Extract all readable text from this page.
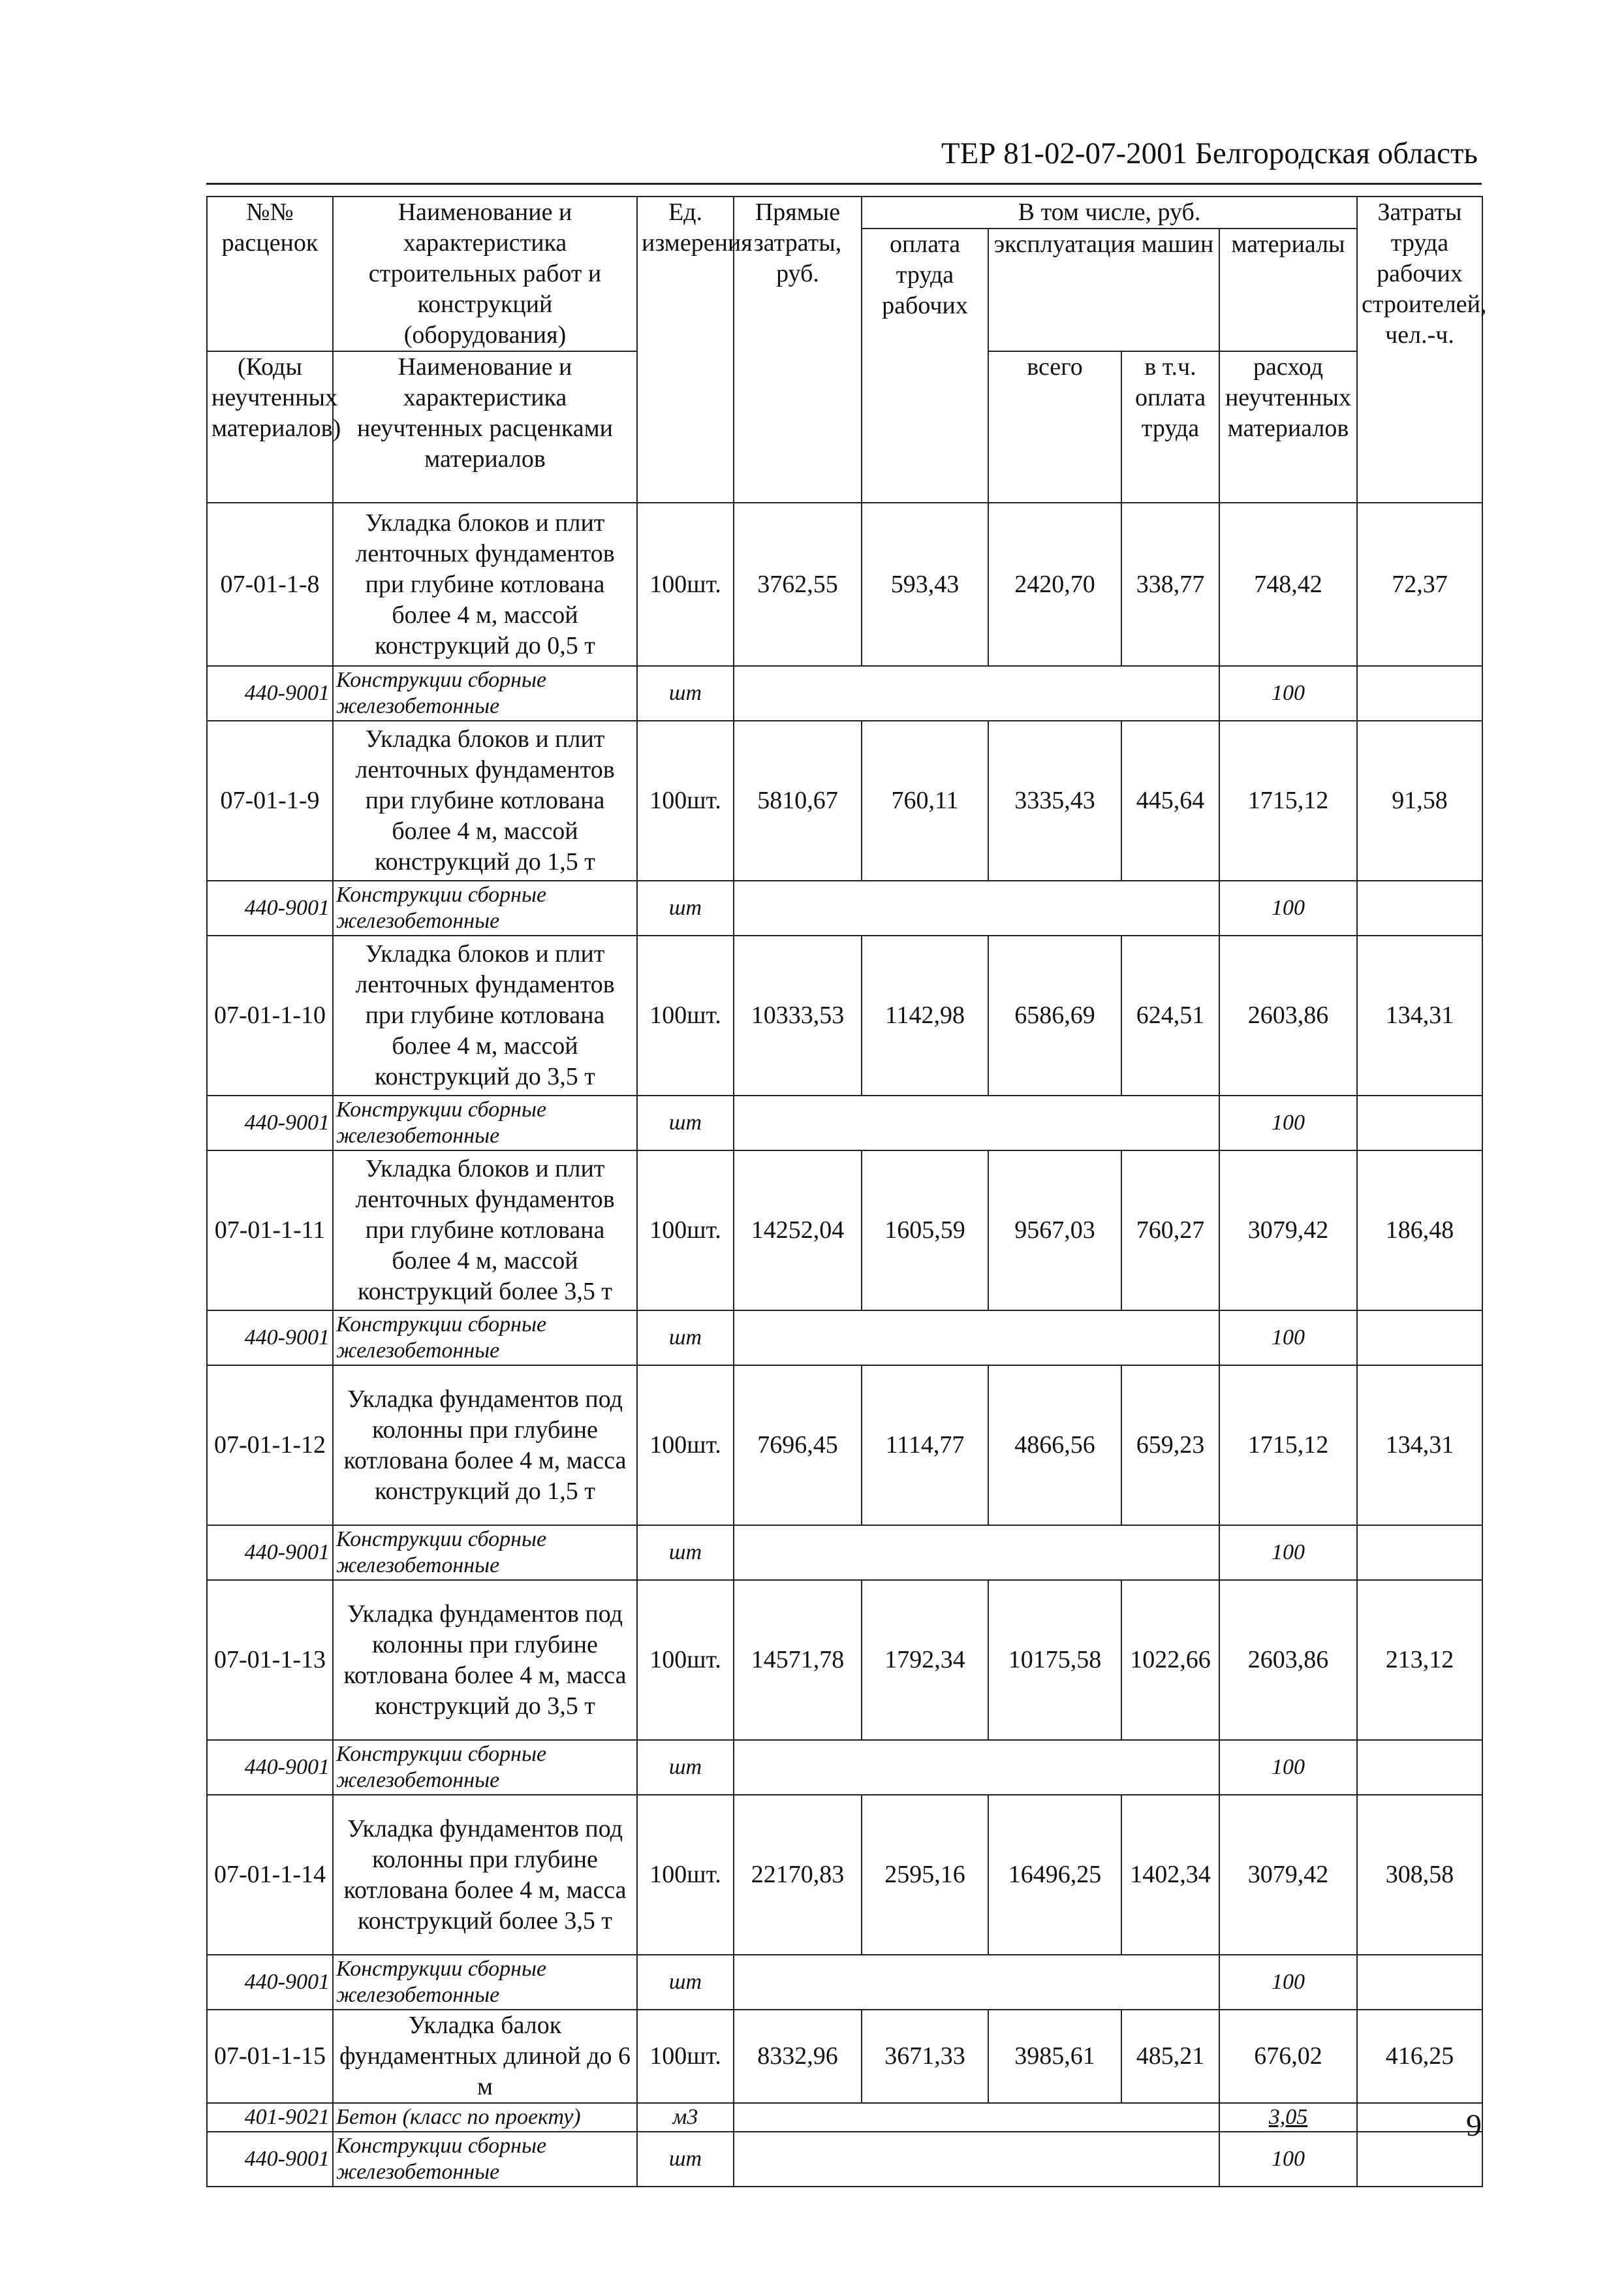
ТЕР 81-02-07-2001 Белгородская область
№№ расценок	Наименование и характеристика строительных работ и конструкций (оборудования)	Ед. измерения	Прямые затраты, руб.	В том числе, руб.				Затраты труда рабочих строителей, чел.-ч.
				оплата труда рабочих	эксплуатация машин		материалы	
(Коды неучтенных материалов)	Наименование и характеристика неучтенных расценками материалов				всего	в т.ч. оплата труда	расход неучтенных материалов	
07-01-1-8	Укладка блоков и плит ленточных фундаментов при глубине котлована более 4 м, массой конструкций до 0,5 т	100шт.	3762,55	593,43	2420,70	338,77	748,42	72,37
440-9001	Конструкции сборные железобетонные	шт					100	
07-01-1-9	Укладка блоков и плит ленточных фундаментов при глубине котлована более 4 м, массой конструкций до 1,5 т	100шт.	5810,67	760,11	3335,43	445,64	1715,12	91,58
440-9001	Конструкции сборные железобетонные	шт					100	
07-01-1-10	Укладка блоков и плит ленточных фундаментов при глубине котлована более 4 м, массой конструкций до 3,5 т	100шт.	10333,53	1142,98	6586,69	624,51	2603,86	134,31
440-9001	Конструкции сборные железобетонные	шт					100	
07-01-1-11	Укладка блоков и плит ленточных фундаментов при глубине котлована более 4 м, массой конструкций более 3,5 т	100шт.	14252,04	1605,59	9567,03	760,27	3079,42	186,48
440-9001	Конструкции сборные железобетонные	шт					100	
07-01-1-12	Укладка фундаментов под колонны при глубине котлована более 4 м, масса конструкций до 1,5 т	100шт.	7696,45	1114,77	4866,56	659,23	1715,12	134,31
440-9001	Конструкции сборные железобетонные	шт					100	
07-01-1-13	Укладка фундаментов под колонны при глубине котлована более 4 м, масса конструкций до 3,5 т	100шт.	14571,78	1792,34	10175,58	1022,66	2603,86	213,12
440-9001	Конструкции сборные железобетонные	шт					100	
07-01-1-14	Укладка фундаментов под колонны при глубине котлована более 4 м, масса конструкций более 3,5 т	100шт.	22170,83	2595,16	16496,25	1402,34	3079,42	308,58
440-9001	Конструкции сборные железобетонные	шт					100	
07-01-1-15	Укладка балок фундаментных длиной до 6 м	100шт.	8332,96	3671,33	3985,61	485,21	676,02	416,25
401-9021	Бетон (класс по проекту)	м3					3,05	
440-9001	Конструкции сборные железобетонные	шт					100	
9
